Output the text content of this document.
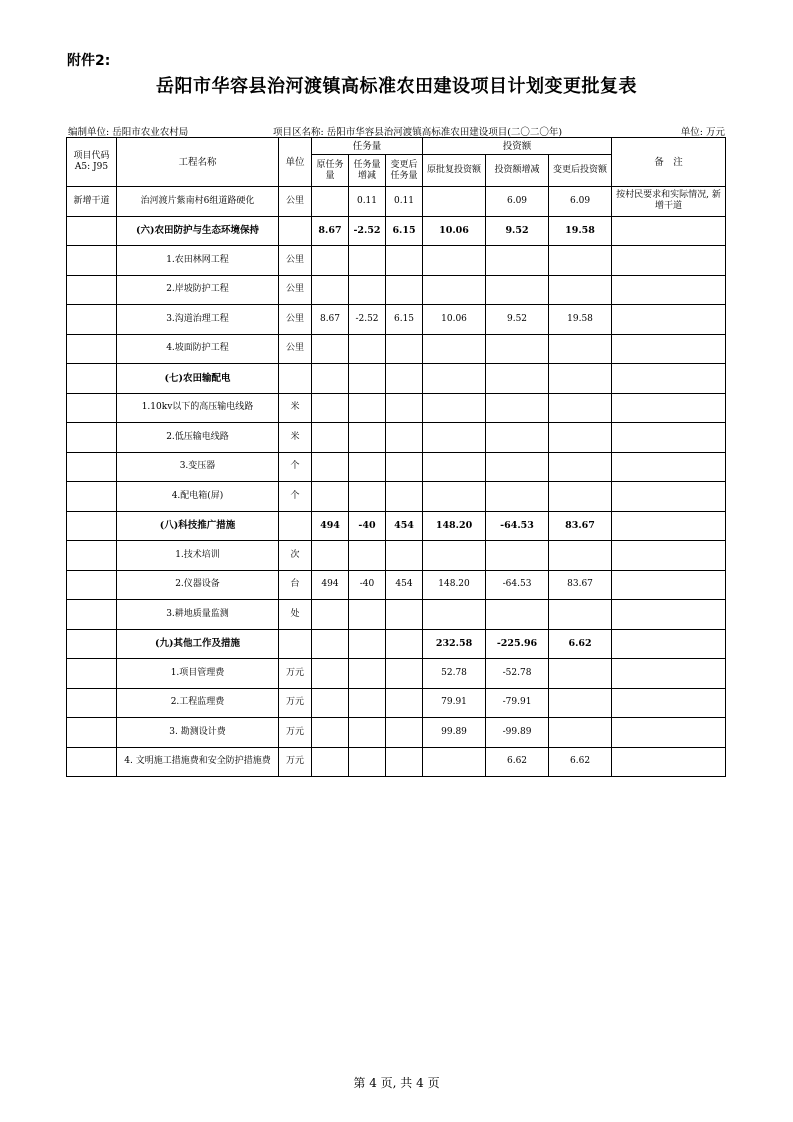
附件2:
岳阳市华容县治河渡镇高标准农田建设项目计划变更批复表
编制单位: 岳阳市农业农村局	项目区名称: 岳阳市华容县治河渡镇高标准农田建设项目(二〇二〇年)	单位: 万元
项目代码 A5: J95	工程名称	单位	任务量			投资额			备　注
			原任务量	任务量增减	变更后任务量	原批复投资额	投资额增减	变更后投资额	
新增干道	治河渡片紫南村6组道路硬化	公里		0.11	0.11		6.09	6.09	按村民要求和实际情况, 新增干道
	(六)农田防护与生态环境保持		8.67	-2.52	6.15	10.06	9.52	19.58	
	1.农田林网工程	公里							
	2.岸坡防护工程	公里							
	3.沟道治理工程	公里	8.67	-2.52	6.15	10.06	9.52	19.58	
	4.坡面防护工程	公里							
	(七)农田输配电								
	1.10kv以下的高压输电线路	米							
	2.低压输电线路	米							
	3.变压器	个							
	4.配电箱(屏)	个							
	(八)科技推广措施		494	-40	454	148.20	-64.53	83.67	
	1.技术培训	次							
	2.仪器设备	台	494	-40	454	148.20	-64.53	83.67	
	3.耕地质量监测	处							
	(九)其他工作及措施					232.58	-225.96	6.62	
	1.项目管理费	万元				52.78	-52.78		
	2.工程监理费	万元				79.91	-79.91		
	3. 勘测设计费	万元				99.89	-99.89		
	4. 文明施工措施费和安全防护措施费	万元					6.62	6.62	
第 4 页, 共 4 页
